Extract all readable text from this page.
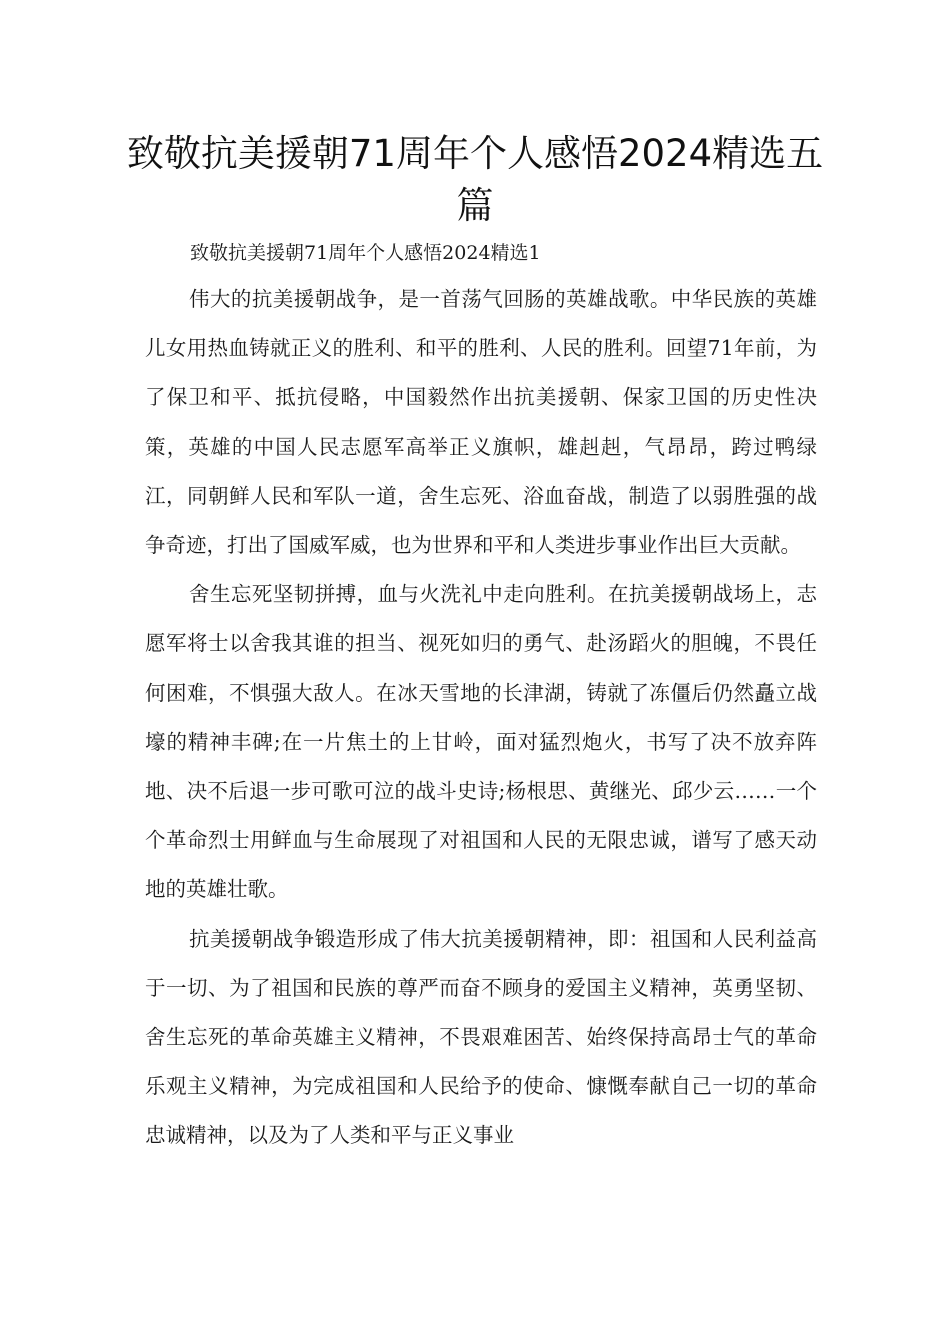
致敬抗美援朝71周年个人感悟2024精选五篇

致敬抗美援朝71周年个人感悟2024精选1

伟大的抗美援朝战争，是一首荡气回肠的英雄战歌。中华民族的英雄儿女用热血铸就正义的胜利、和平的胜利、人民的胜利。回望71年前，为了保卫和平、抵抗侵略，中国毅然作出抗美援朝、保家卫国的历史性决策，英雄的中国人民志愿军高举正义旗帜，雄赳赳，气昂昂，跨过鸭绿江，同朝鲜人民和军队一道，舍生忘死、浴血奋战，制造了以弱胜强的战争奇迹，打出了国威军威，也为世界和平和人类进步事业作出巨大贡献。

舍生忘死坚韧拼搏，血与火洗礼中走向胜利。在抗美援朝战场上，志愿军将士以舍我其谁的担当、视死如归的勇气、赴汤蹈火的胆魄，不畏任何困难，不惧强大敌人。在冰天雪地的长津湖，铸就了冻僵后仍然矗立战壕的精神丰碑;在一片焦土的上甘岭，面对猛烈炮火，书写了决不放弃阵地、决不后退一步可歌可泣的战斗史诗;杨根思、黄继光、邱少云……一个个革命烈士用鲜血与生命展现了对祖国和人民的无限忠诚，谱写了感天动地的英雄壮歌。

抗美援朝战争锻造形成了伟大抗美援朝精神，即：祖国和人民利益高于一切、为了祖国和民族的尊严而奋不顾身的爱国主义精神，英勇坚韧、舍生忘死的革命英雄主义精神，不畏艰难困苦、始终保持高昂士气的革命乐观主义精神，为完成祖国和人民给予的使命、慷慨奉献自己一切的革命忠诚精神，以及为了人类和平与正义事业
